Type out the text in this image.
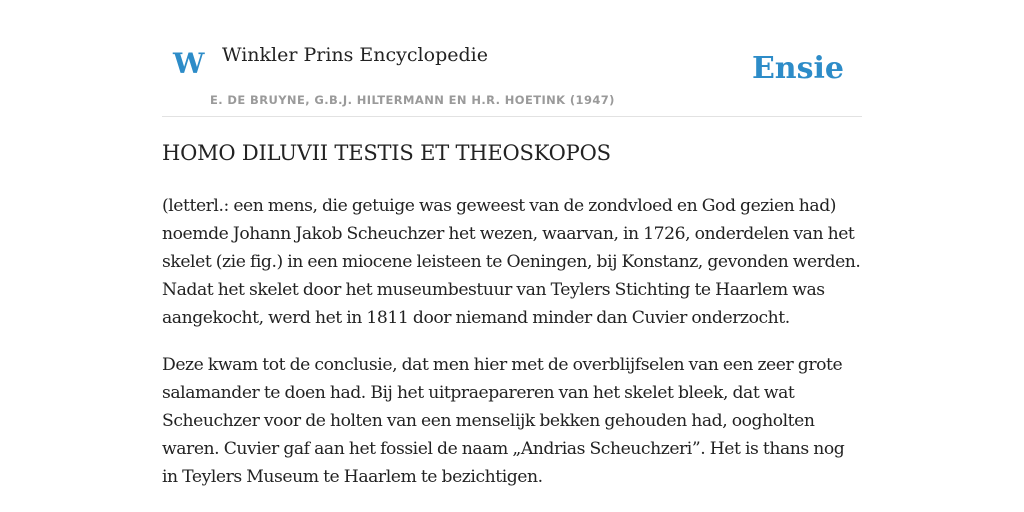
W Winkler Prins Encyclopedie
E. DE BRUYNE, G.B.J. HILTERMANN EN H.R. HOETINK (1947)
Ensie
HOMO DILUVII TESTIS ET THEOSKOPOS

(letterl.: een mens, die getuige was geweest van de zondvloed en God gezien had) noemde Johann Jakob Scheuchzer het wezen, waarvan, in 1726, onderdelen van het skelet (zie fig.) in een miocene leisteen te Oeningen, bij Konstanz, gevonden werden. Nadat het skelet door het museumbestuur van Teylers Stichting te Haarlem was aangekocht, werd het in 1811 door niemand minder dan Cuvier onderzocht.

Deze kwam tot de conclusie, dat men hier met de overblijfselen van een zeer grote salamander te doen had. Bij het uitpraepareren van het skelet bleek, dat wat Scheuchzer voor de holten van een menselijk bekken gehouden had, oogholten waren. Cuvier gaf aan het fossiel de naam „Andrias Scheuchzeri”. Het is thans nog in Teylers Museum te Haarlem te bezichtigen.
